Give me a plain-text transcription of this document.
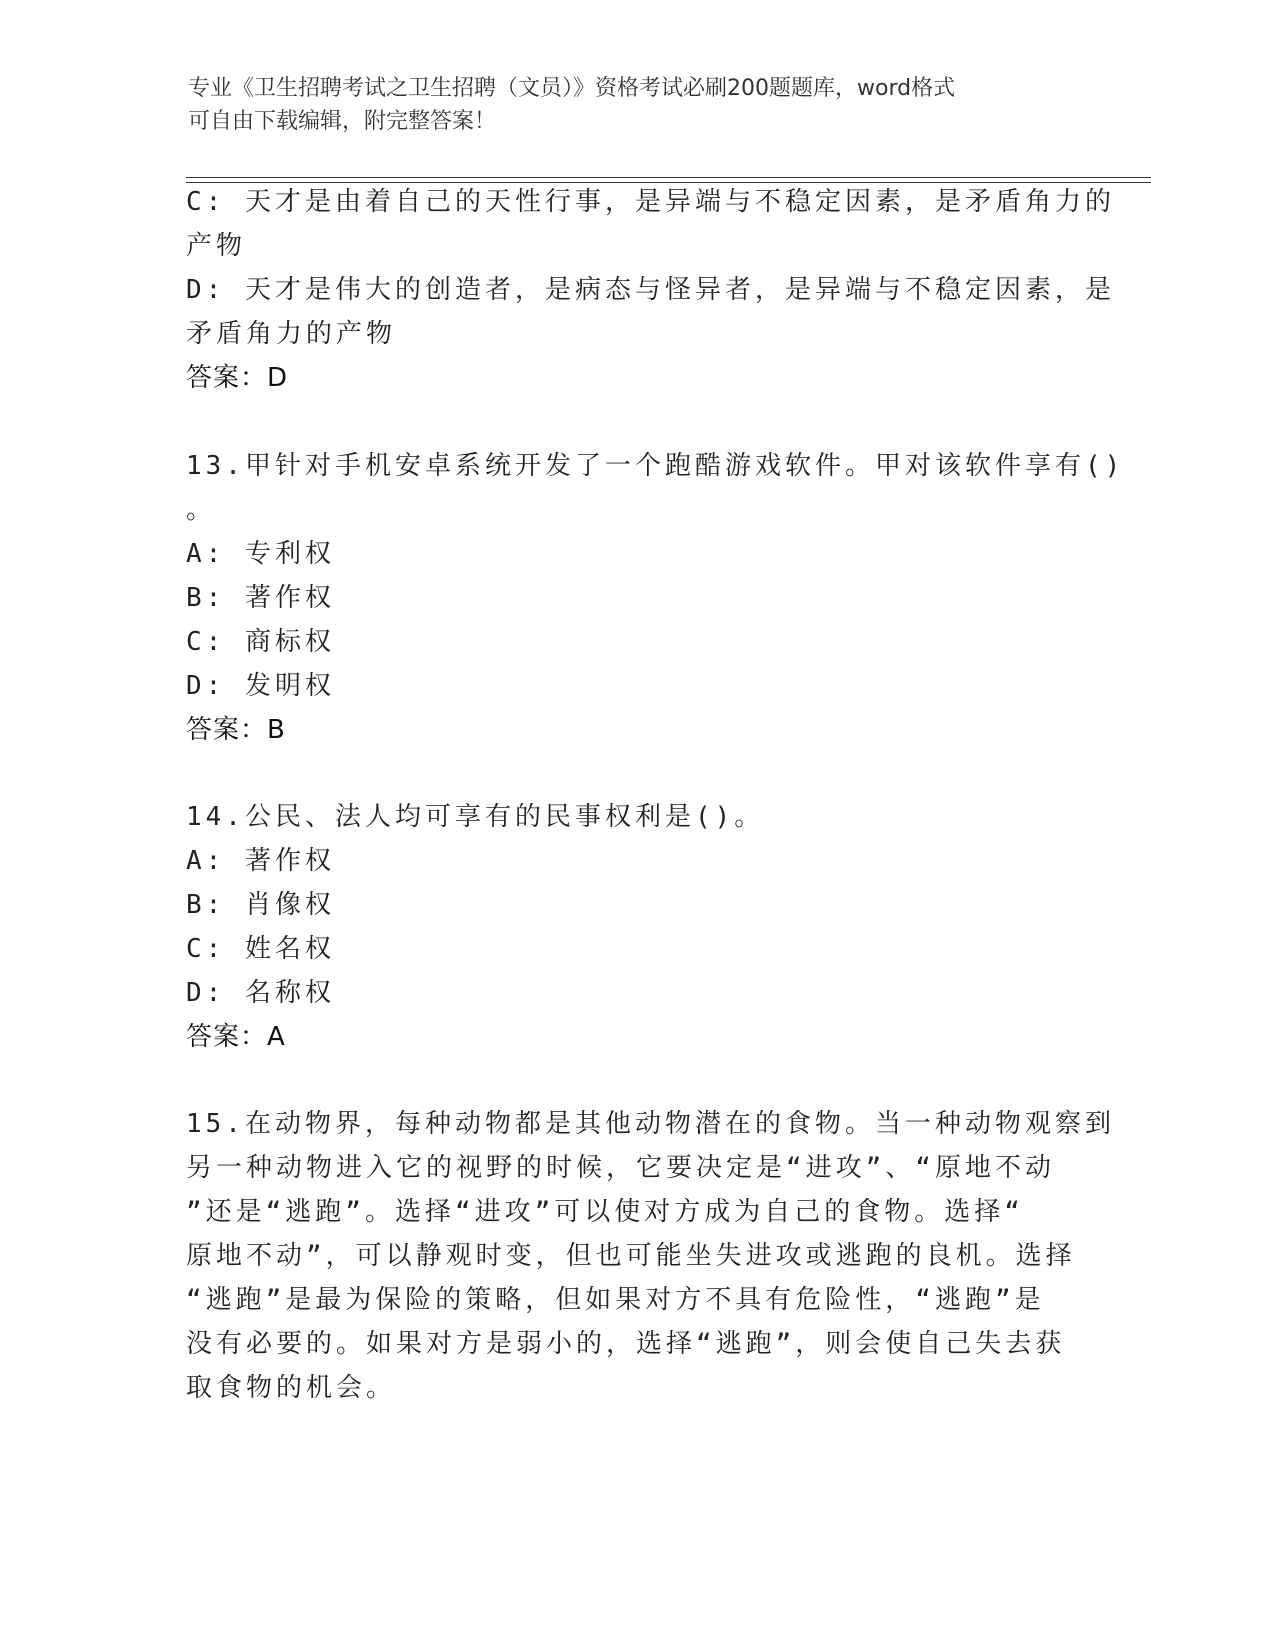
专业《卫生招聘考试之卫生招聘（文员）》资格考试必刷200题题库，word格式
可自由下载编辑，附完整答案！
C: 天才是由着自己的天性行事，是异端与不稳定因素，是矛盾角力的
产物
D: 天才是伟大的创造者，是病态与怪异者，是异端与不稳定因素，是
矛盾角力的产物
答案：D
13.甲针对手机安卓系统开发了一个跑酷游戏软件。甲对该软件享有()
。
A: 专利权
B: 著作权
C: 商标权
D: 发明权
答案：B
14.公民、法人均可享有的民事权利是()。
A: 著作权
B: 肖像权
C: 姓名权
D: 名称权
答案：A
15.在动物界，每种动物都是其他动物潜在的食物。当一种动物观察到
另一种动物进入它的视野的时候，它要决定是“进攻”、“原地不动
”还是“逃跑”。选择“进攻”可以使对方成为自己的食物。选择“
原地不动”，可以静观时变，但也可能坐失进攻或逃跑的良机。选择
“逃跑”是最为保险的策略，但如果对方不具有危险性，“逃跑”是
没有必要的。如果对方是弱小的，选择“逃跑”，则会使自己失去获
取食物的机会。
